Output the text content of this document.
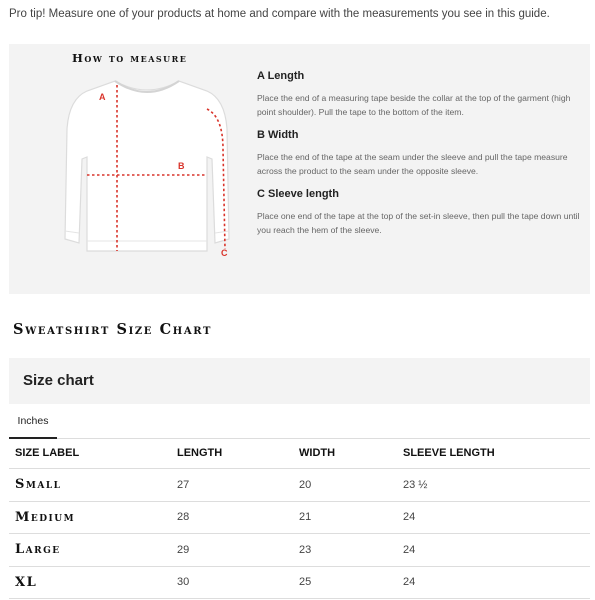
Pro tip! Measure one of your products at home and compare with the measurements you see in this guide.
How to measure
A
B
C
A Length

Place the end of a measuring tape beside the collar at the top of the garment (high point shoulder). Pull the tape to the bottom of the item.

B Width

Place the end of the tape at the seam under the sleeve and pull the tape measure across the product to the seam under the opposite sleeve.

C Sleeve length

Place one end of the tape at the top of the set-in sleeve, then pull the tape down until you reach the hem of the sleeve.

Sweatshirt Size Chart
Size chart
Inches
SIZE LABEL	LENGTH	WIDTH	SLEEVE LENGTH
Small	27	20	23 ½
Medium	28	21	24
Large	29	23	24
XL	30	25	24
